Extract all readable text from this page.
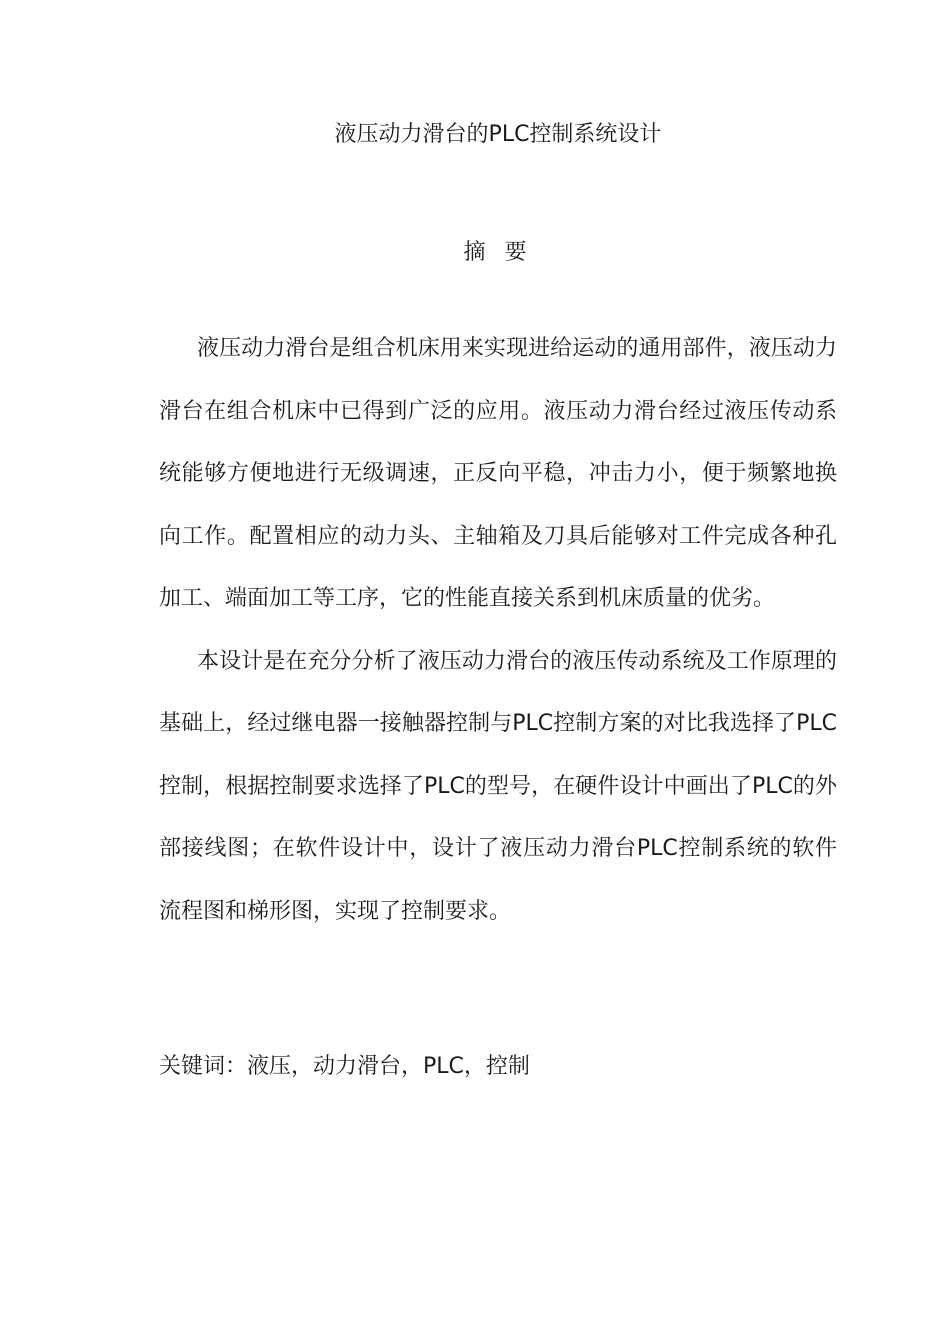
液压动力滑台的PLC控制系统设计
摘 要

液压动力滑台是组合机床用来实现进给运动的通用部件，液压动力滑台在组合机床中已得到广泛的应用。液压动力滑台经过液压传动系统能够方便地进行无级调速，正反向平稳，冲击力小，便于频繁地换向工作。配置相应的动力头、主轴箱及刀具后能够对工件完成各种孔加工、端面加工等工序，它的性能直接关系到机床质量的优劣。

本设计是在充分分析了液压动力滑台的液压传动系统及工作原理的基础上，经过继电器一接触器控制与PLC控制方案的对比我选择了PLC控制，根据控制要求选择了PLC的型号，在硬件设计中画出了PLC的外部接线图；在软件设计中，设计了液压动力滑台PLC控制系统的软件流程图和梯形图，实现了控制要求。

关键词：液压，动力滑台，PLC，控制
